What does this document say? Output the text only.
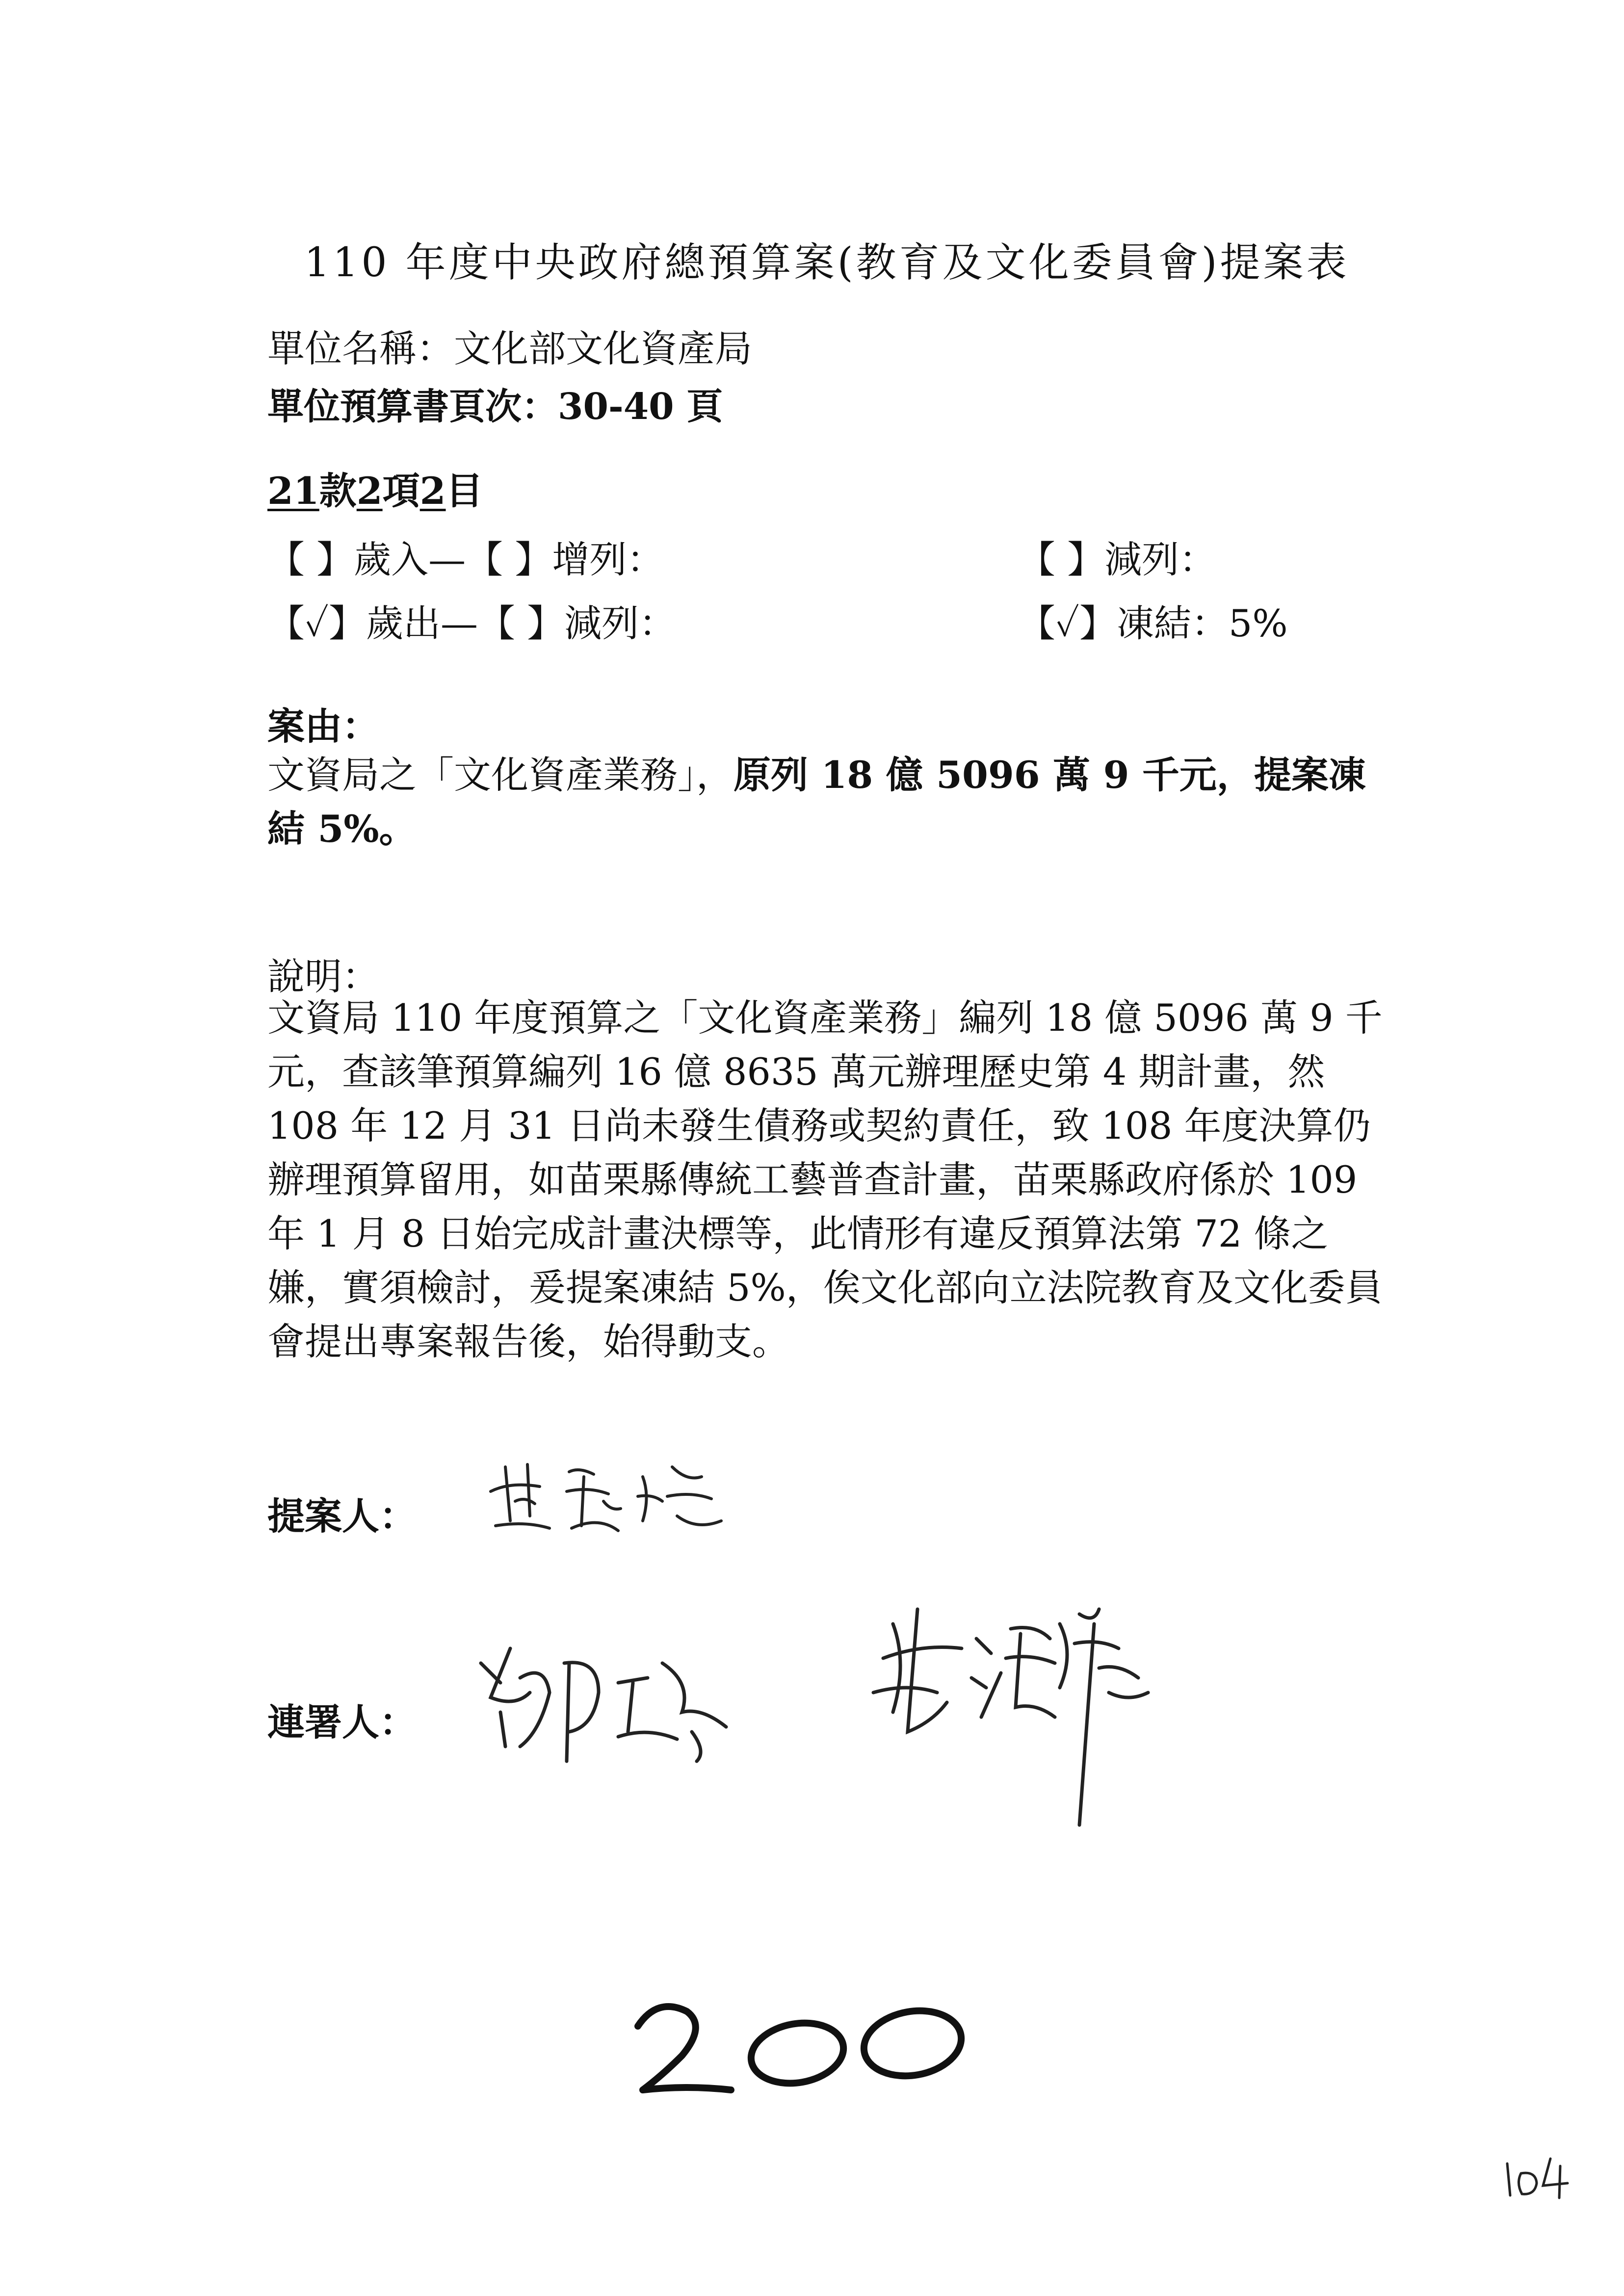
110 年度中央政府總預算案(教育及文化委員會)提案表
單位名稱：文化部文化資產局
單位預算書頁次：30-40 頁
21款2項2目
【 】歲入—【 】增列：	【 】減列：
【✓】歲出—【 】減列：	【✓】凍結：5%
案由：
文資局之「文化資產業務」，原列 18 億 5096 萬 9 千元，提案凍結 5%。
說明：
文資局 110 年度預算之「文化資產業務」編列 18 億 5096 萬 9 千元，查該筆預算編列 16 億 8635 萬元辦理歷史第 4 期計畫，然 108 年 12 月 31 日尚未發生債務或契約責任，致 108 年度決算仍辦理預算留用，如苗栗縣傳統工藝普查計畫，苗栗縣政府係於 109 年 1 月 8 日始完成計畫決標等，此情形有違反預算法第 72 條之嫌，實須檢討，爰提案凍結 5%，俟文化部向立法院教育及文化委員會提出專案報告後，始得動支。
提案人：
連署人：
